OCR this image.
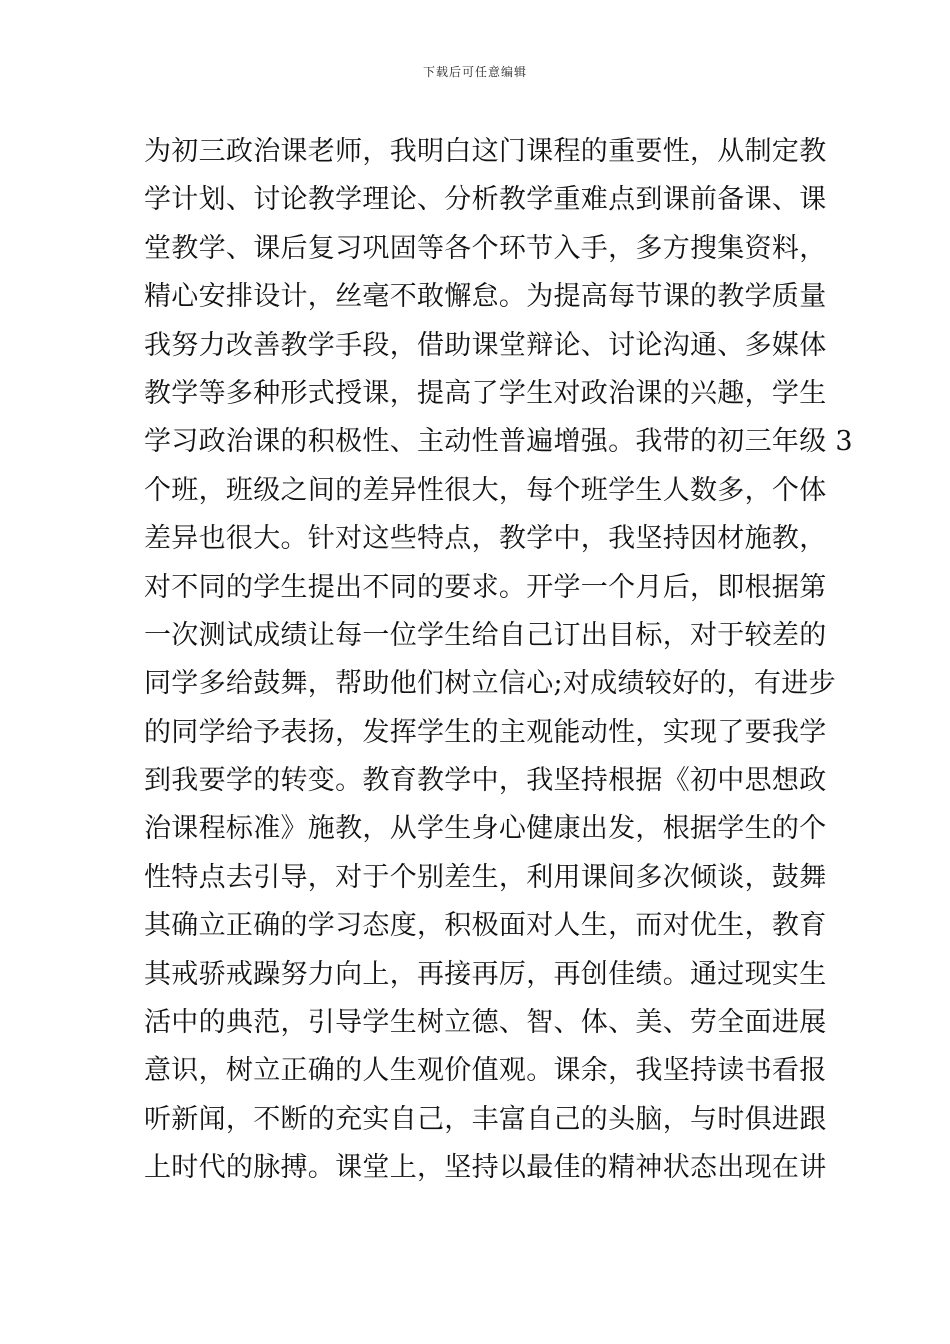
下载后可任意编辑
为初三政治课老师，我明白这门课程的重要性，从制定教
学计划、讨论教学理论、分析教学重难点到课前备课、课
堂教学、课后复习巩固等各个环节入手，多方搜集资料，
精心安排设计，丝毫不敢懈怠。为提高每节课的教学质量
我努力改善教学手段，借助课堂辩论、讨论沟通、多媒体
教学等多种形式授课，提高了学生对政治课的兴趣，学生
学习政治课的积极性、主动性普遍增强。我带的初三年级 3
个班，班级之间的差异性很大，每个班学生人数多，个体
差异也很大。针对这些特点，教学中，我坚持因材施教，
对不同的学生提出不同的要求。开学一个月后，即根据第
一次测试成绩让每一位学生给自己订出目标，对于较差的
同学多给鼓舞，帮助他们树立信心;对成绩较好的，有进步
的同学给予表扬，发挥学生的主观能动性，实现了要我学
到我要学的转变。教育教学中，我坚持根据《初中思想政
治课程标准》施教，从学生身心健康出发，根据学生的个
性特点去引导，对于个别差生，利用课间多次倾谈，鼓舞
其确立正确的学习态度，积极面对人生，而对优生，教育
其戒骄戒躁努力向上，再接再厉，再创佳绩。通过现实生
活中的典范，引导学生树立德、智、体、美、劳全面进展
意识，树立正确的人生观价值观。课余，我坚持读书看报
听新闻，不断的充实自己，丰富自己的头脑，与时俱进跟
上时代的脉搏。课堂上，坚持以最佳的精神状态出现在讲
